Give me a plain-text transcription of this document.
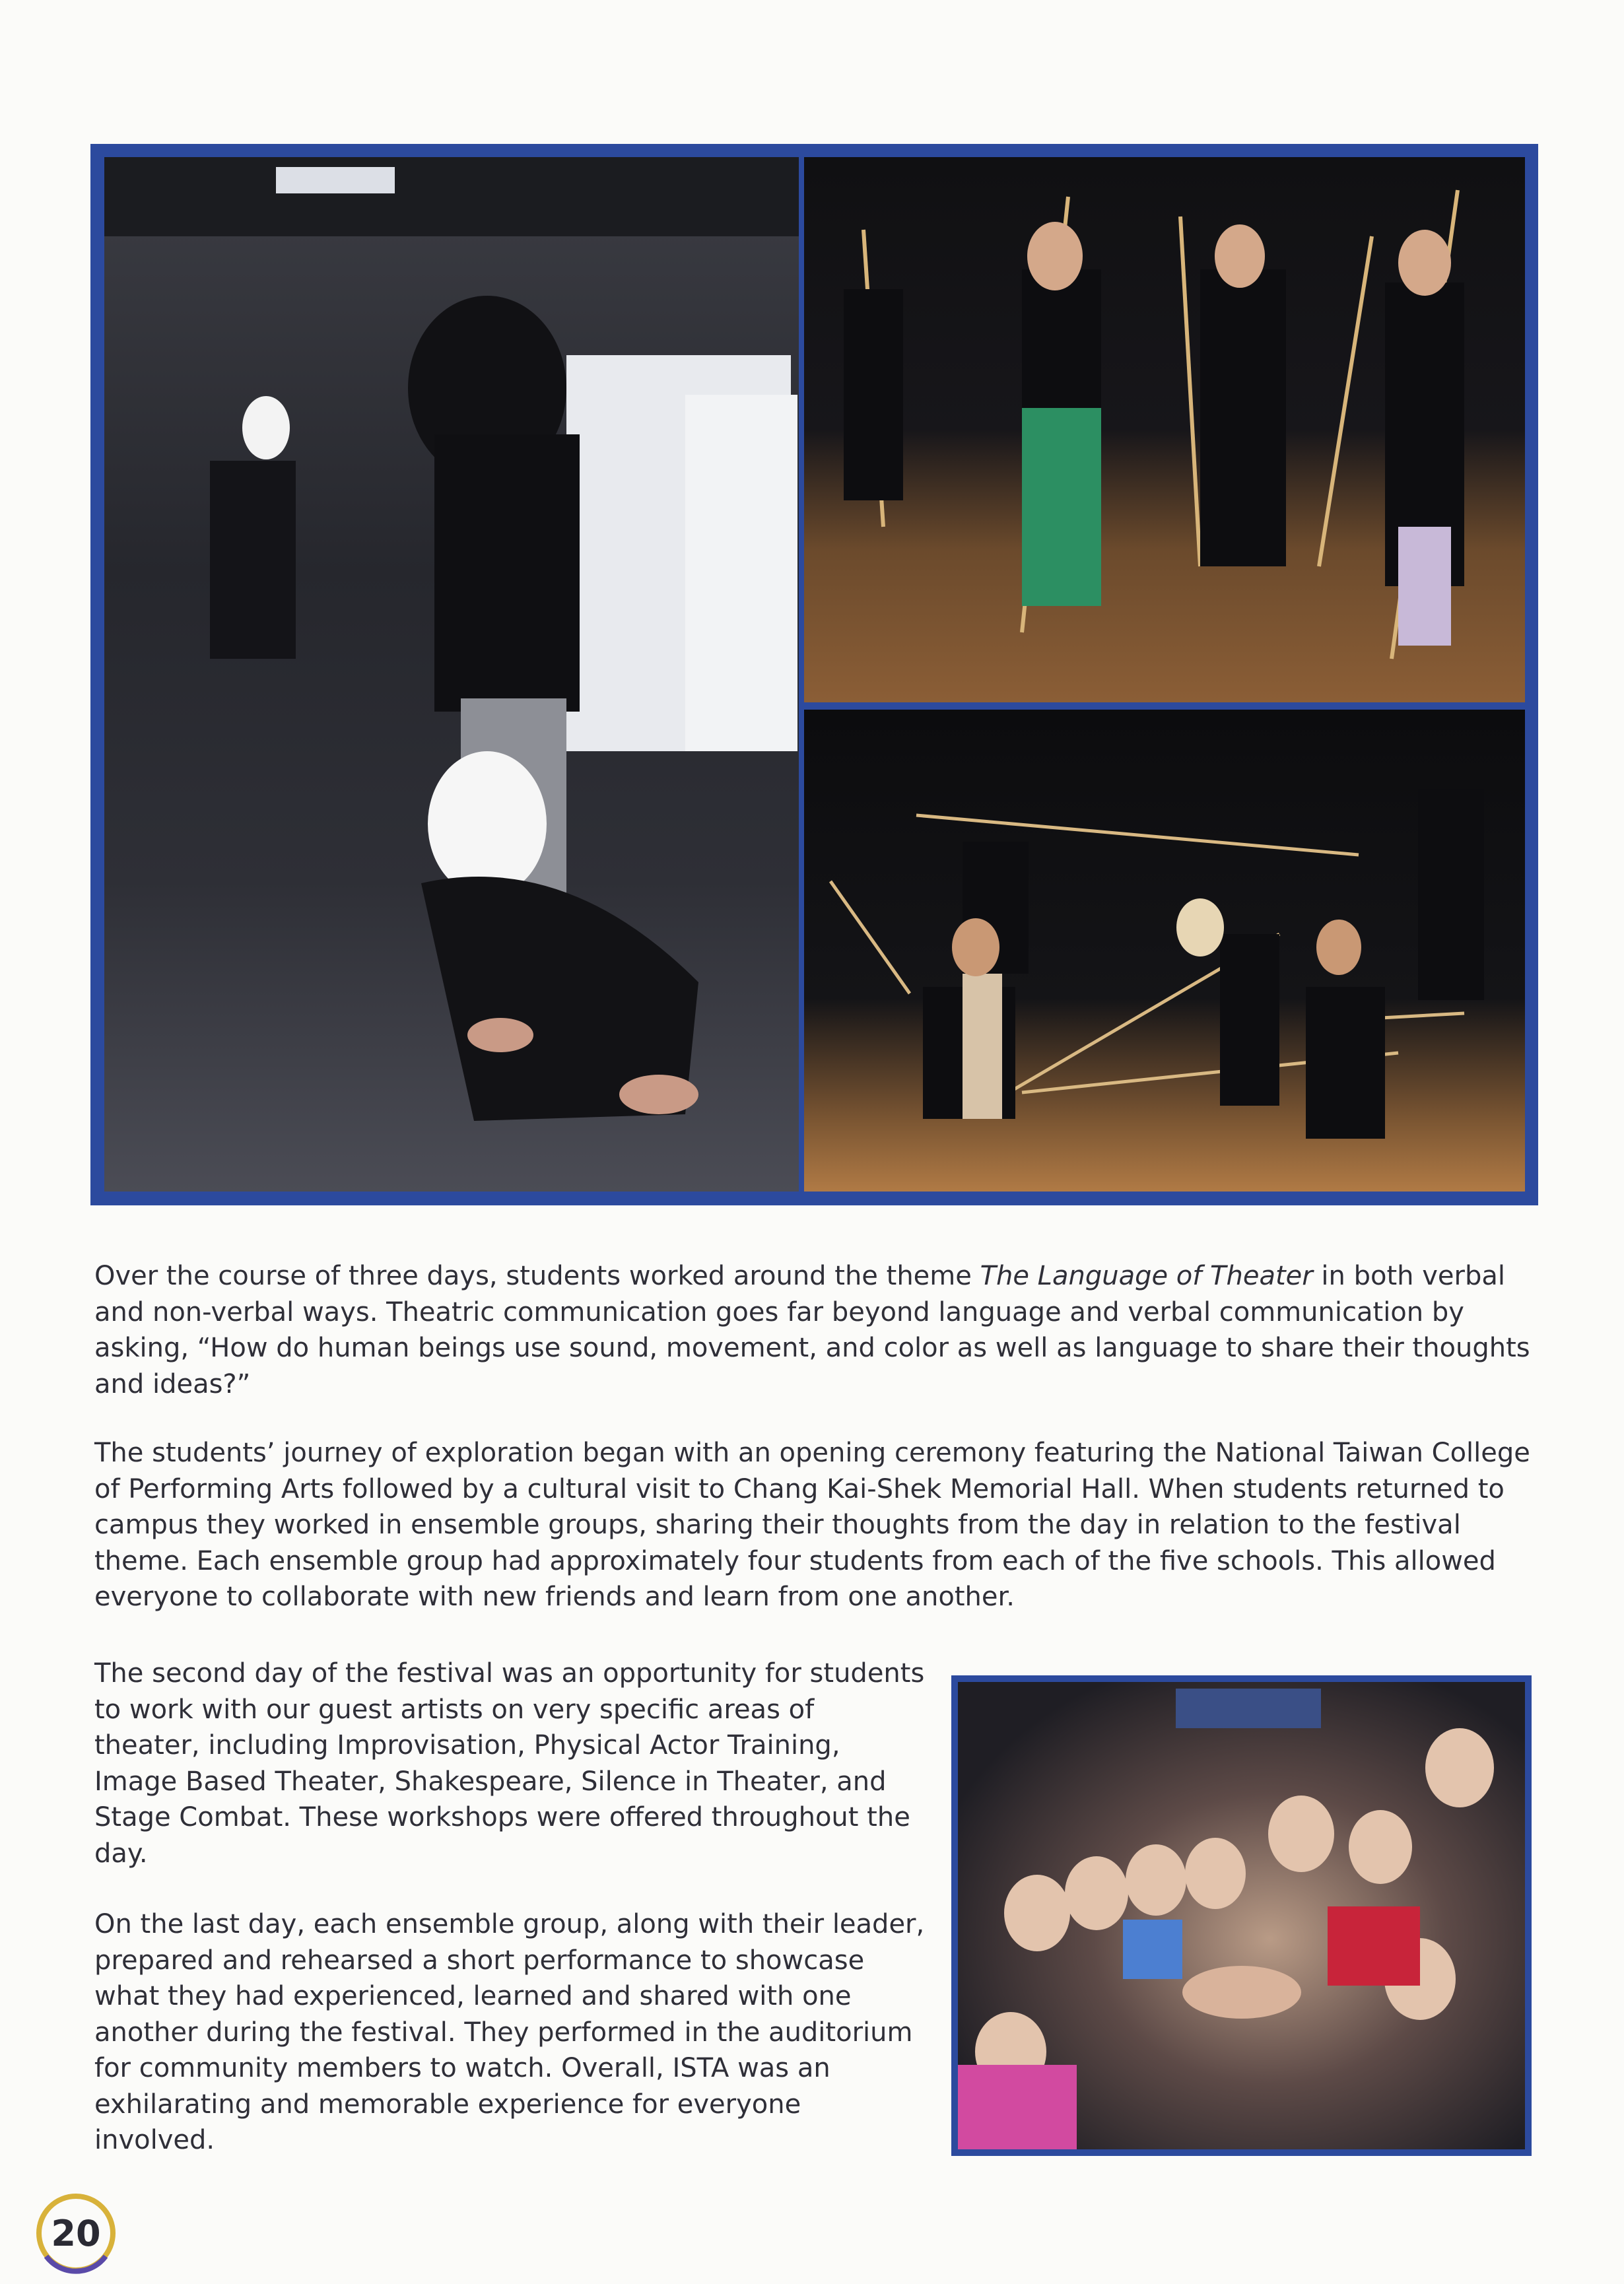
Over the course of three days, students worked around the theme The Language of Theater in both verbal and non-verbal ways. Theatric communication goes far beyond language and verbal communication by asking, “How do human beings use sound, movement, and color as well as language to share their thoughts and ideas?”

The students’ journey of exploration began with an opening ceremony featuring the National Taiwan College of Performing Arts followed by a cultural visit to Chang Kai-Shek Memorial Hall. When students returned to campus they worked in ensemble groups, sharing their thoughts from the day in relation to the festival theme. Each ensemble group had approximately four students from each of the five schools. This allowed everyone to collaborate with new friends and learn from one another.

The second day of the festival was an opportunity for students to work with our guest artists on very specific areas of theater, including Improvisation, Physical Actor Training, Image Based Theater, Shakespeare, Silence in Theater, and Stage Combat. These workshops were offered throughout the day.

On the last day, each ensemble group, along with their leader, prepared and rehearsed a short performance to showcase what they had experienced, learned and shared with one another during the festival. They performed in the auditorium for community members to watch. Overall, ISTA was an exhilarating and memorable experience for everyone involved.

20
